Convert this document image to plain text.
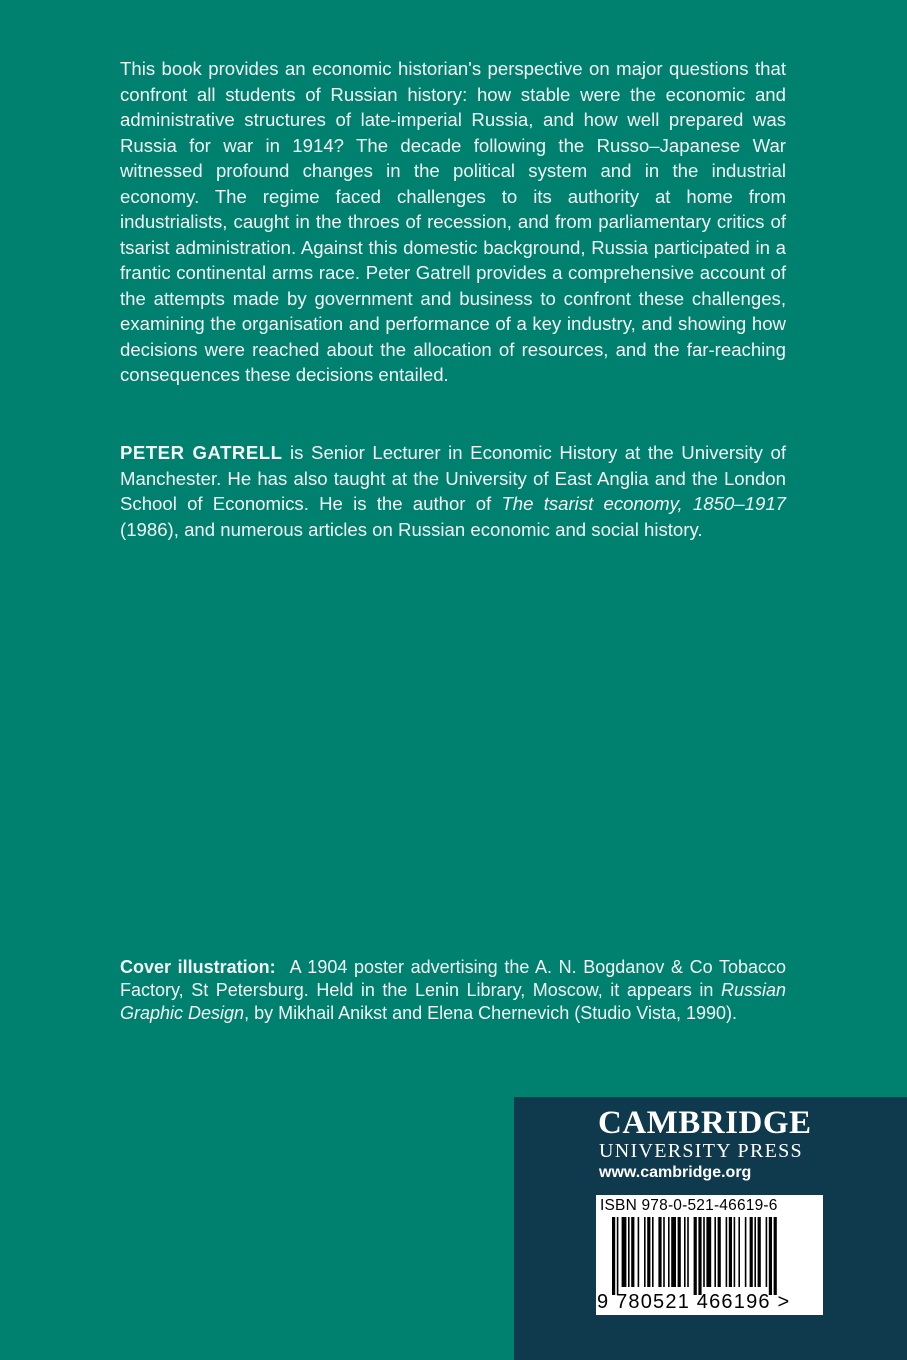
This book provides an economic historian's perspective on major questions that confront all students of Russian history: how stable were the economic and administrative structures of late-imperial Russia, and how well prepared was Russia for war in 1914? The decade following the Russo–Japanese War witnessed profound changes in the political system and in the industrial economy. The regime faced challenges to its authority at home from industrialists, caught in the throes of recession, and from parliamentary critics of tsarist administration. Against this domestic background, Russia participated in a frantic continental arms race. Peter Gatrell provides a comprehensive account of the attempts made by government and business to confront these challenges, examining the organisation and performance of a key industry, and showing how decisions were reached about the allocation of resources, and the far-reaching consequences these decisions entailed.

PETER GATRELL is Senior Lecturer in Economic History at the University of Manchester. He has also taught at the University of East Anglia and the London School of Economics. He is the author of The tsarist economy, 1850–1917 (1986), and numerous articles on Russian economic and social history.

Cover illustration: A 1904 poster advertising the A. N. Bogdanov & Co Tobacco Factory, St Petersburg. Held in the Lenin Library, Moscow, it appears in Russian Graphic Design, by Mikhail Anikst and Elena Chernevich (Studio Vista, 1990).

CAMBRIDGE
UNIVERSITY PRESS
www.cambridge.org
ISBN 978-0-521-46619-6
9 780521 466196 >
